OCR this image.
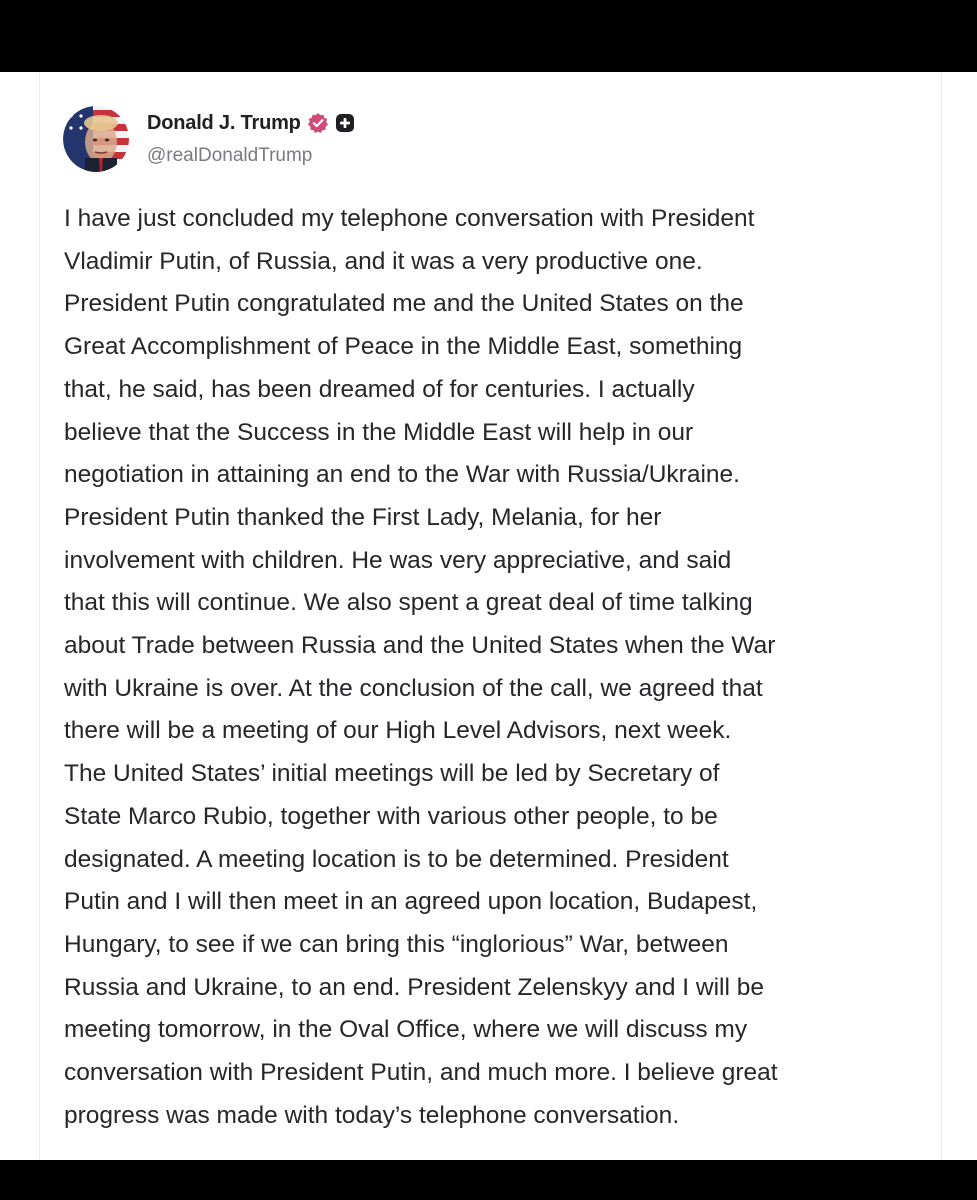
Donald J. Trump
@realDonaldTrump
I have just concluded my telephone conversation with President
Vladimir Putin, of Russia, and it was a very productive one.
President Putin congratulated me and the United States on the
Great Accomplishment of Peace in the Middle East, something
that, he said, has been dreamed of for centuries. I actually
believe that the Success in the Middle East will help in our
negotiation in attaining an end to the War with Russia/Ukraine.
President Putin thanked the First Lady, Melania, for her
involvement with children. He was very appreciative, and said
that this will continue. We also spent a great deal of time talking
about Trade between Russia and the United States when the War
with Ukraine is over. At the conclusion of the call, we agreed that
there will be a meeting of our High Level Advisors, next week.
The United States’ initial meetings will be led by Secretary of
State Marco Rubio, together with various other people, to be
designated. A meeting location is to be determined. President
Putin and I will then meet in an agreed upon location, Budapest,
Hungary, to see if we can bring this “inglorious” War, between
Russia and Ukraine, to an end. President Zelenskyy and I will be
meeting tomorrow, in the Oval Office, where we will discuss my
conversation with President Putin, and much more. I believe great
progress was made with today’s telephone conversation.
